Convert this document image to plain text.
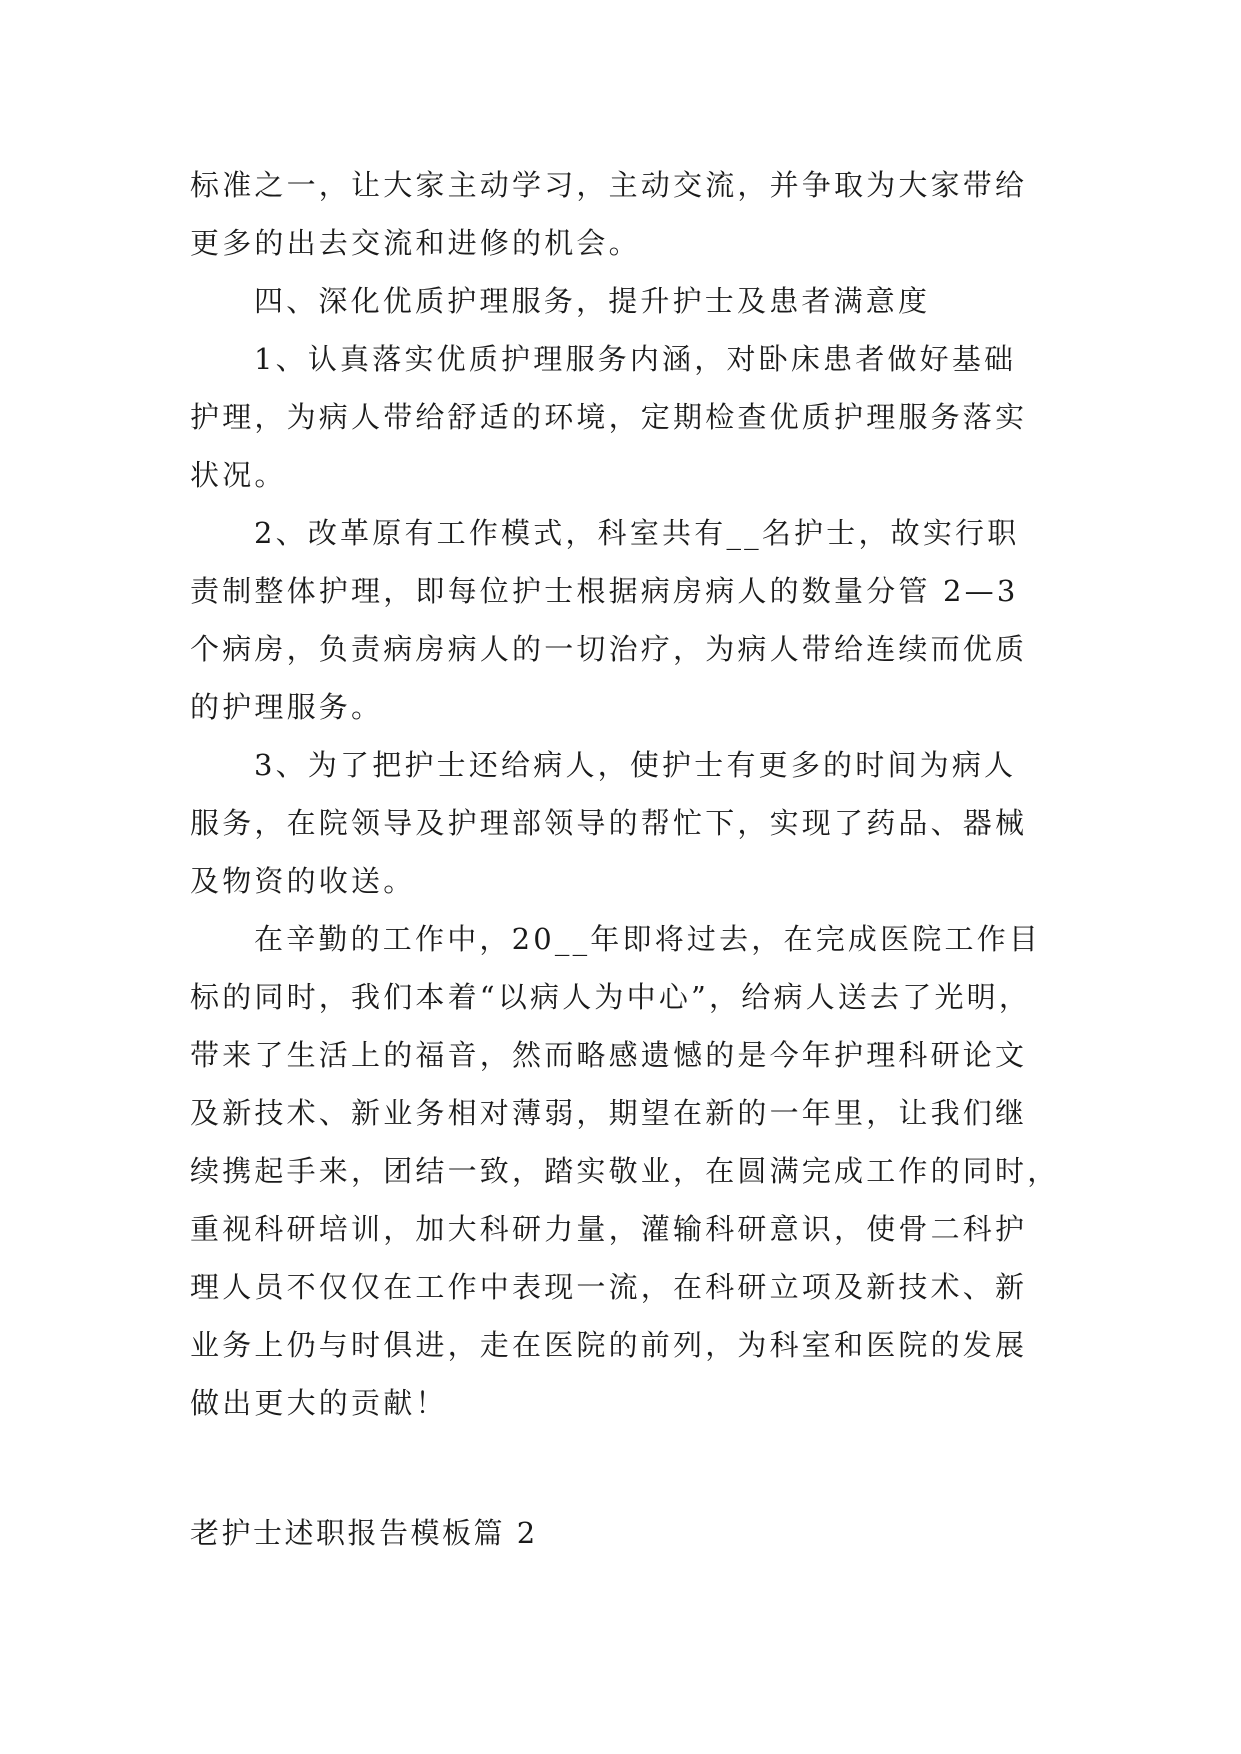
标准之一，让大家主动学习，主动交流，并争取为大家带给
更多的出去交流和进修的机会。
四、深化优质护理服务，提升护士及患者满意度
1、认真落实优质护理服务内涵，对卧床患者做好基础
护理，为病人带给舒适的环境，定期检查优质护理服务落实
状况。
2、改革原有工作模式，科室共有__名护士，故实行职
责制整体护理，即每位护士根据病房病人的数量分管 2—3
个病房，负责病房病人的一切治疗，为病人带给连续而优质
的护理服务。
3、为了把护士还给病人，使护士有更多的时间为病人
服务，在院领导及护理部领导的帮忙下，实现了药品、器械
及物资的收送。
在辛勤的工作中，20__年即将过去，在完成医院工作目
标的同时，我们本着“以病人为中心”，给病人送去了光明，
带来了生活上的福音，然而略感遗憾的是今年护理科研论文
及新技术、新业务相对薄弱，期望在新的一年里，让我们继
续携起手来，团结一致，踏实敬业，在圆满完成工作的同时，
重视科研培训，加大科研力量，灌输科研意识，使骨二科护
理人员不仅仅在工作中表现一流，在科研立项及新技术、新
业务上仍与时俱进，走在医院的前列，为科室和医院的发展
做出更大的贡献！
老护士述职报告模板篇 2
